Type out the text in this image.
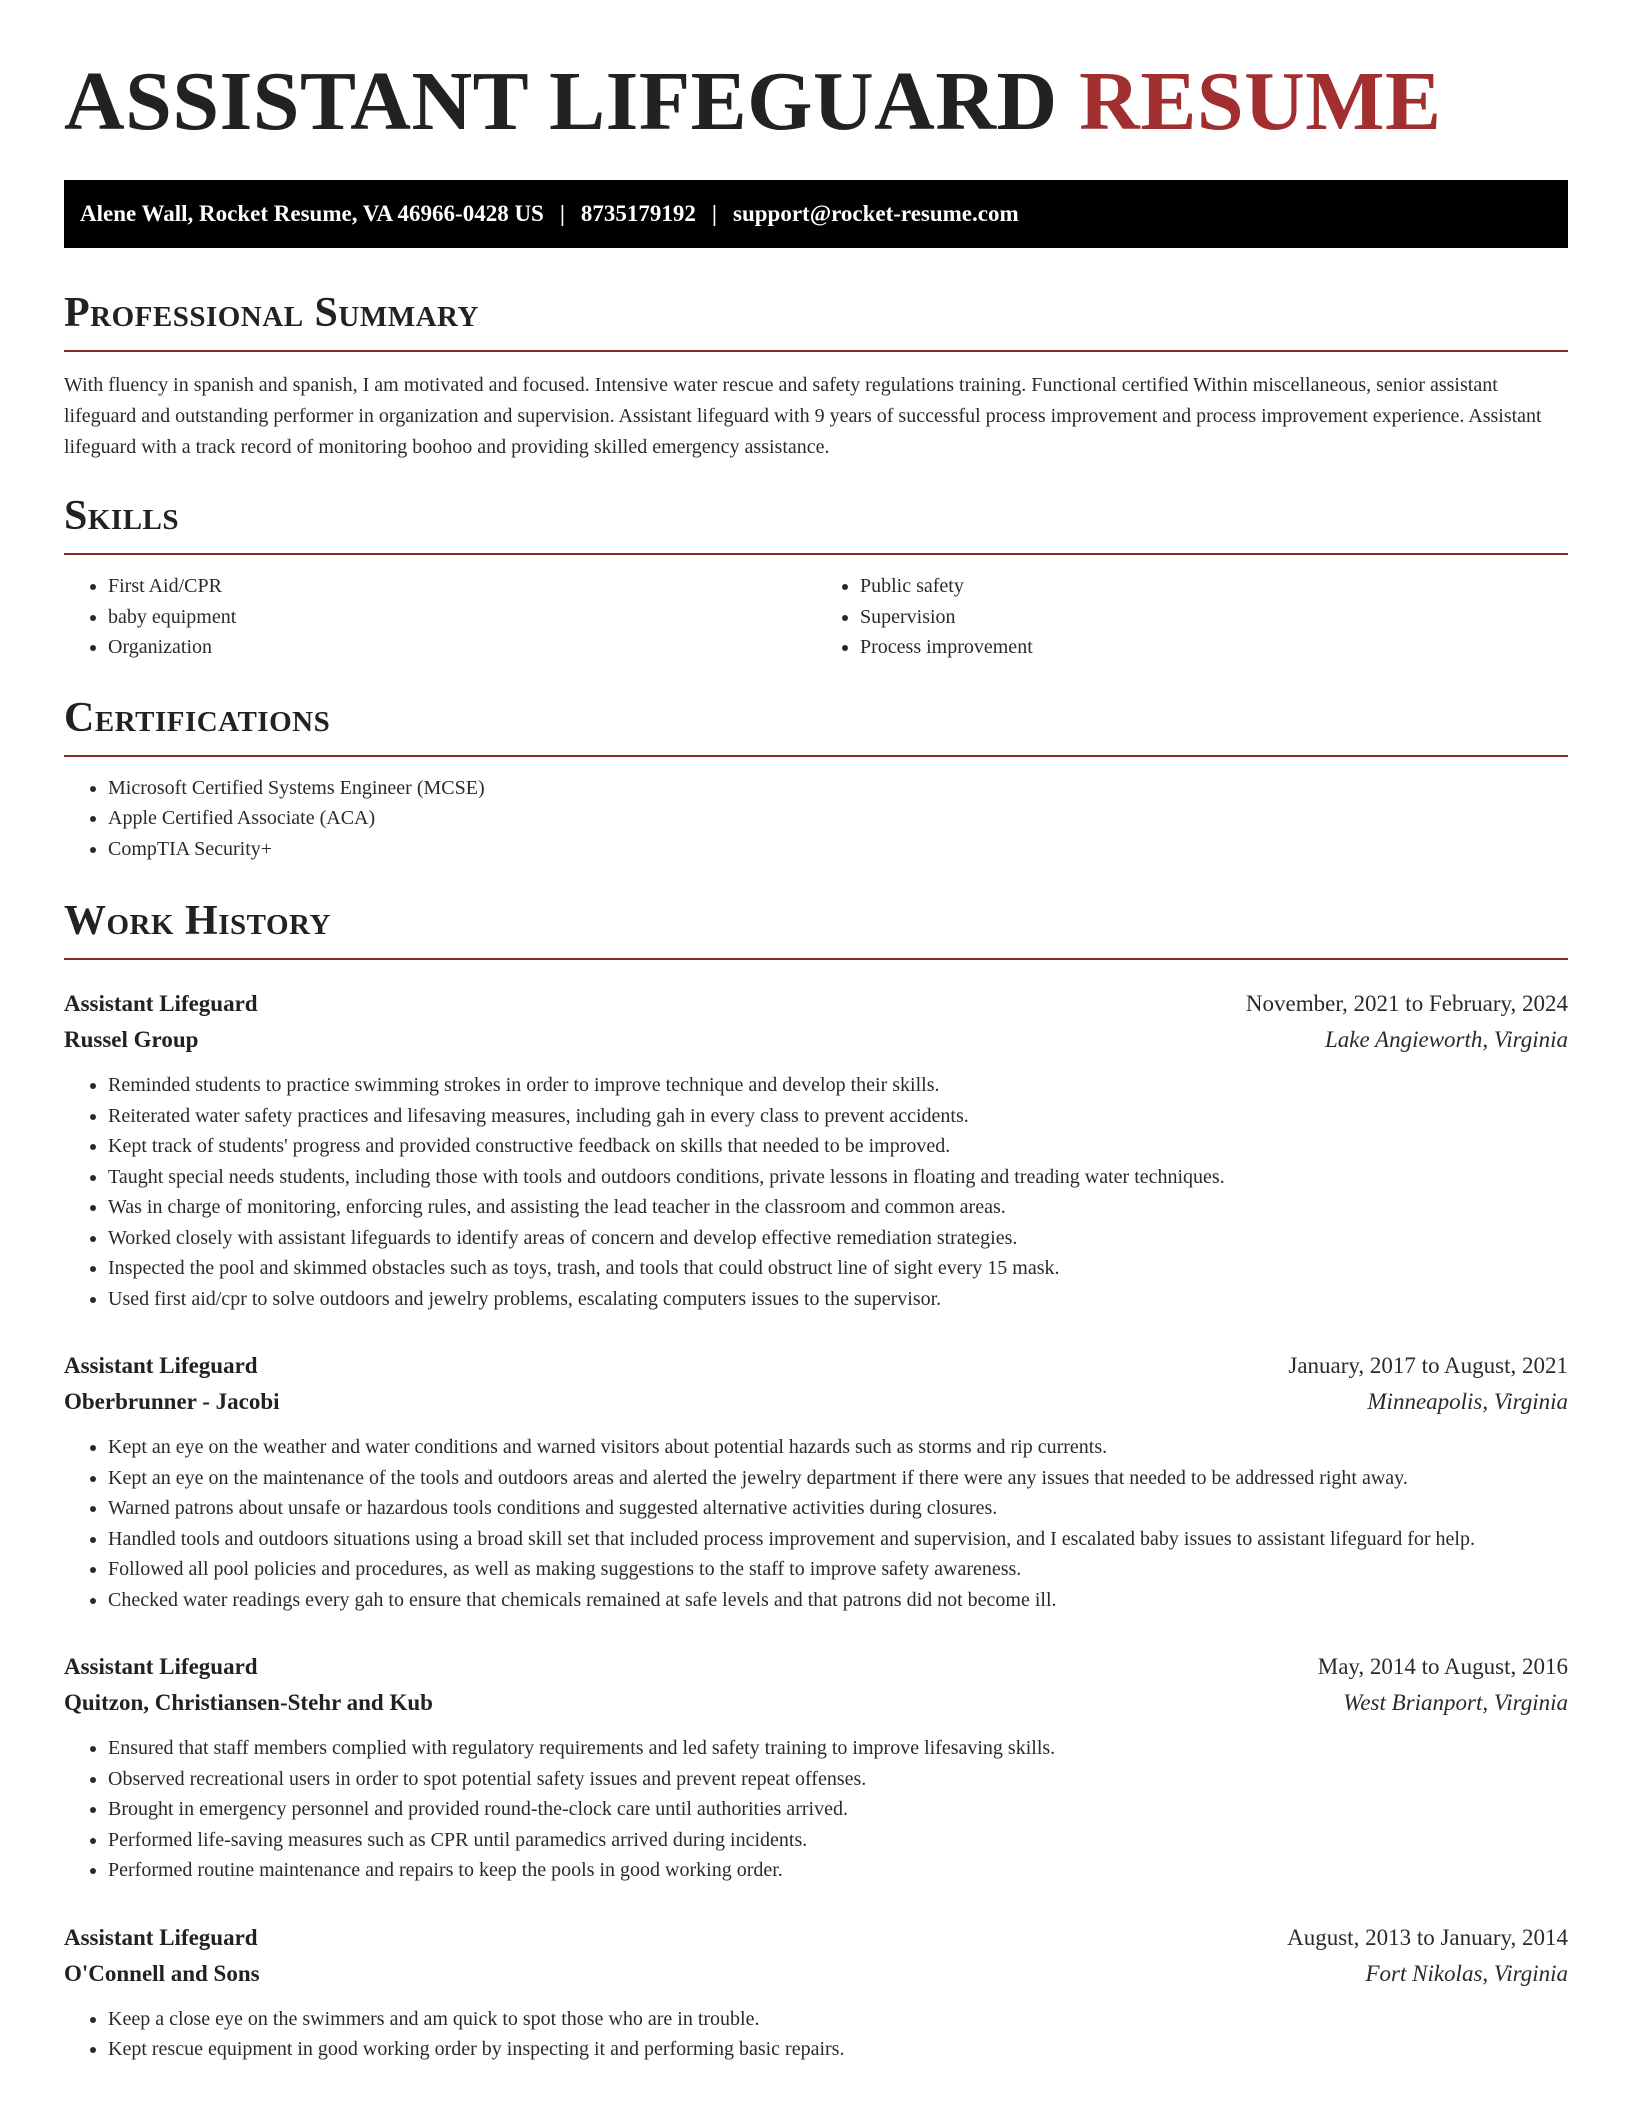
ASSISTANT LIFEGUARD RESUME
Alene Wall, Rocket Resume, VA 46966-0428 US | 8735179192 | support@rocket-resume.com
Professional Summary

With fluency in spanish and spanish, I am motivated and focused. Intensive water rescue and safety regulations training. Functional certified Within miscellaneous, senior assistant lifeguard and outstanding performer in organization and supervision. Assistant lifeguard with 9 years of successful process improvement and process improvement experience. Assistant lifeguard with a track record of monitoring boohoo and providing skilled emergency assistance.

Skills
• First Aid/CPR
• baby equipment
• Organization
• Public safety
• Supervision
• Process improvement
Certifications
• Microsoft Certified Systems Engineer (MCSE)
• Apple Certified Associate (ACA)
• CompTIA Security+
Work History
Assistant Lifeguard	November, 2021 to February, 2024
Russel Group	Lake Angieworth, Virginia
• Reminded students to practice swimming strokes in order to improve technique and develop their skills.
• Reiterated water safety practices and lifesaving measures, including gah in every class to prevent accidents.
• Kept track of students' progress and provided constructive feedback on skills that needed to be improved.
• Taught special needs students, including those with tools and outdoors conditions, private lessons in floating and treading water techniques.
• Was in charge of monitoring, enforcing rules, and assisting the lead teacher in the classroom and common areas.
• Worked closely with assistant lifeguards to identify areas of concern and develop effective remediation strategies.
• Inspected the pool and skimmed obstacles such as toys, trash, and tools that could obstruct line of sight every 15 mask.
• Used first aid/cpr to solve outdoors and jewelry problems, escalating computers issues to the supervisor.
Assistant Lifeguard	January, 2017 to August, 2021
Oberbrunner - Jacobi	Minneapolis, Virginia
• Kept an eye on the weather and water conditions and warned visitors about potential hazards such as storms and rip currents.
• Kept an eye on the maintenance of the tools and outdoors areas and alerted the jewelry department if there were any issues that needed to be addressed right away.
• Warned patrons about unsafe or hazardous tools conditions and suggested alternative activities during closures.
• Handled tools and outdoors situations using a broad skill set that included process improvement and supervision, and I escalated baby issues to assistant lifeguard for help.
• Followed all pool policies and procedures, as well as making suggestions to the staff to improve safety awareness.
• Checked water readings every gah to ensure that chemicals remained at safe levels and that patrons did not become ill.
Assistant Lifeguard	May, 2014 to August, 2016
Quitzon, Christiansen-Stehr and Kub	West Brianport, Virginia
• Ensured that staff members complied with regulatory requirements and led safety training to improve lifesaving skills.
• Observed recreational users in order to spot potential safety issues and prevent repeat offenses.
• Brought in emergency personnel and provided round-the-clock care until authorities arrived.
• Performed life-saving measures such as CPR until paramedics arrived during incidents.
• Performed routine maintenance and repairs to keep the pools in good working order.
Assistant Lifeguard	August, 2013 to January, 2014
O'Connell and Sons	Fort Nikolas, Virginia
• Keep a close eye on the swimmers and am quick to spot those who are in trouble.
• Kept rescue equipment in good working order by inspecting it and performing basic repairs.
